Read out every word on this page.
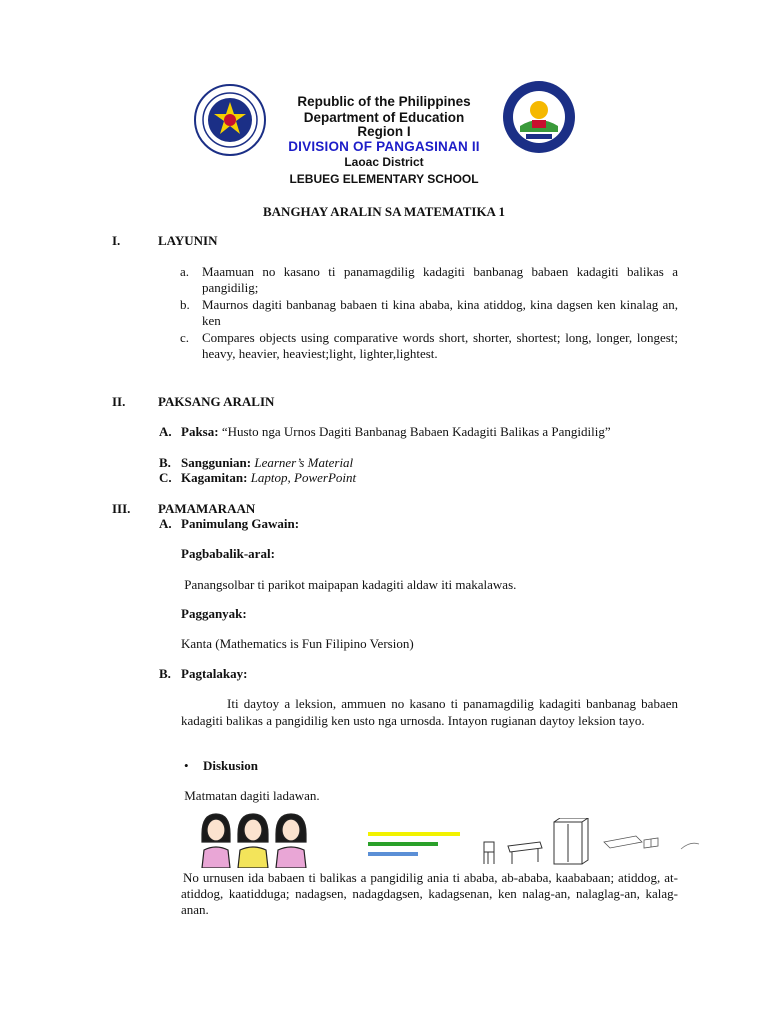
Republic of the Philippines
Department of Education
Region I
DIVISION OF PANGASINAN II
Laoac District
LEBUEG ELEMENTARY SCHOOL
BANGHAY ARALIN SA MATEMATIKA 1
I.	LAYUNIN
a. Maamuan no kasano ti panamagdilig kadagiti banbanag babaen kadagiti balikas a pangidilig;
b. Maurnos dagiti banbanag babaen ti kina ababa, kina atiddog, kina dagsen ken kinalag an, ken
c. Compares objects using comparative words short, shorter, shortest; long, longer, longest; heavy, heavier, heaviest;light, lighter,lightest.
II.	PAKSANG ARALIN
A. Paksa: “Husto nga Urnos Dagiti Banbanag Babaen Kadagiti Balikas a Pangidilig”
B. Sanggunian: Learner’s Material
C. Kagamitan: Laptop, PowerPoint
III. PAMAMARAAN
A. Panimulang Gawain:
Pagbabalik-aral:
Panangsolbar ti parikot maipapan kadagiti aldaw iti makalawas.
Pagganyak:
Kanta (Mathematics is Fun Filipino Version)
B. Pagtalakay:
Iti daytoy a leksion, ammuen no kasano ti panamagdilig kadagiti banbanag babaen kadagiti balikas a pangidilig ken usto nga urnosda. Intayon rugianan daytoy leksion tayo.
• Diskusion
Matmatan dagiti ladawan.
No urnusen ida babaen ti balikas a pangidilig ania ti ababa, ab-ababa, kaababaan; atiddog, at-atiddog, kaatidduga; nadagsen, nadagdagsen, kadagsenan, ken nalag-an, nalaglag-an, kalag-anan.
